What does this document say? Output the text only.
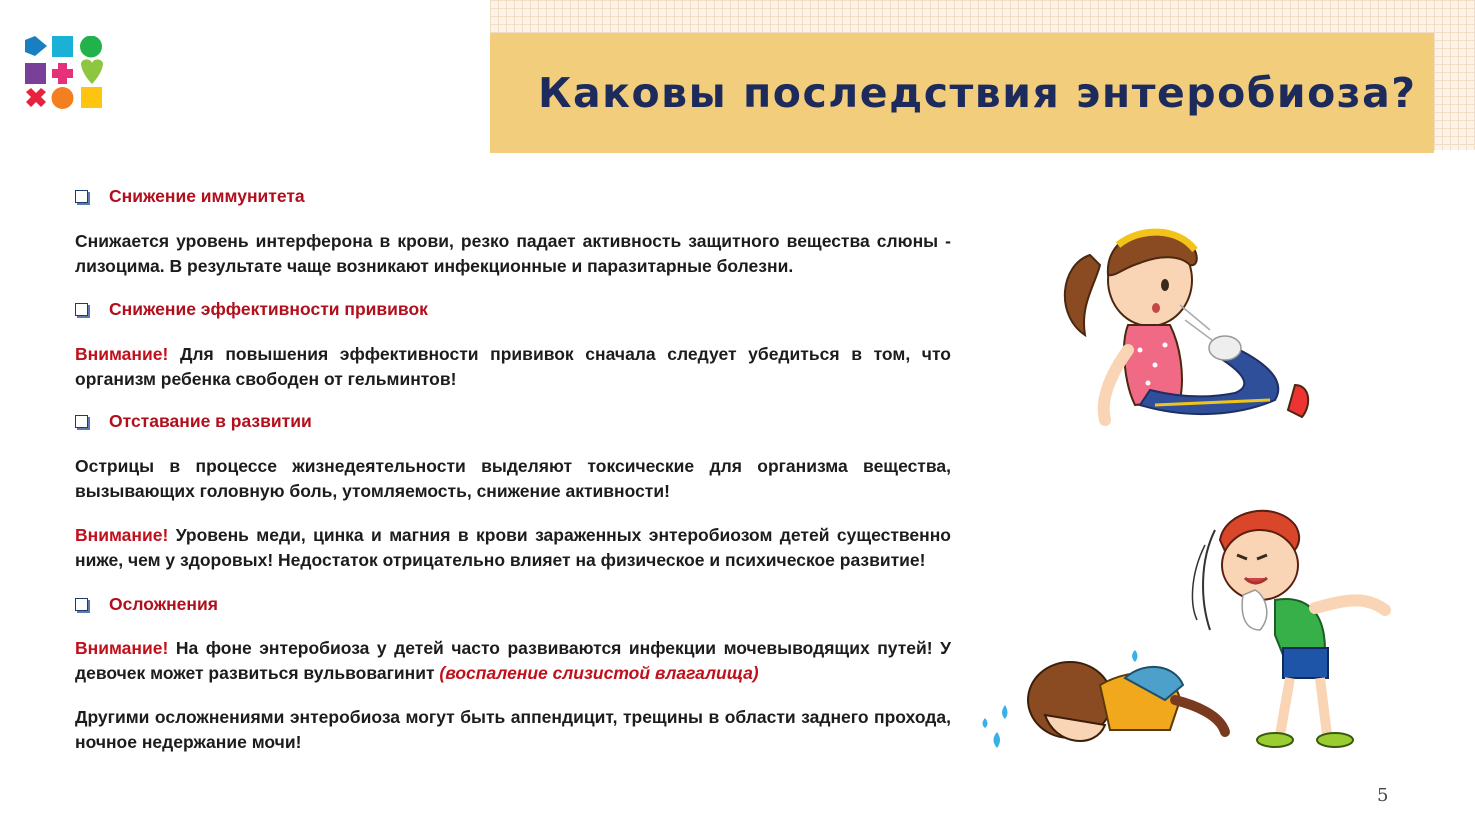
Каковы последствия энтеробиоза?
Снижение иммунитета

Снижается уровень интерферона в крови, резко падает активность защитного вещества слюны - лизоцима. В результате чаще возникают инфекционные и паразитарные болезни.

Снижение эффективности прививок

Внимание! Для повышения эффективности прививок сначала следует убедиться в том, что организм ребенка свободен от гельминтов!

Отставание в развитии

Острицы в процессе жизнедеятельности выделяют токсические для организма вещества, вызывающих головную боль, утомляемость, снижение активности!

Внимание! Уровень меди, цинка и магния в крови зараженных энтеробиозом детей существенно ниже, чем у здоровых! Недостаток отрицательно влияет на физическое и психическое развитие!

Осложнения

Внимание! На фоне энтеробиоза у детей часто развиваются инфекции мочевыводящих путей! У девочек может развиться вульвовагинит (воспаление слизистой влагалища)

Другими осложнениями энтеробиоза могут быть аппендицит, трещины в области заднего прохода, ночное недержание мочи!

5
